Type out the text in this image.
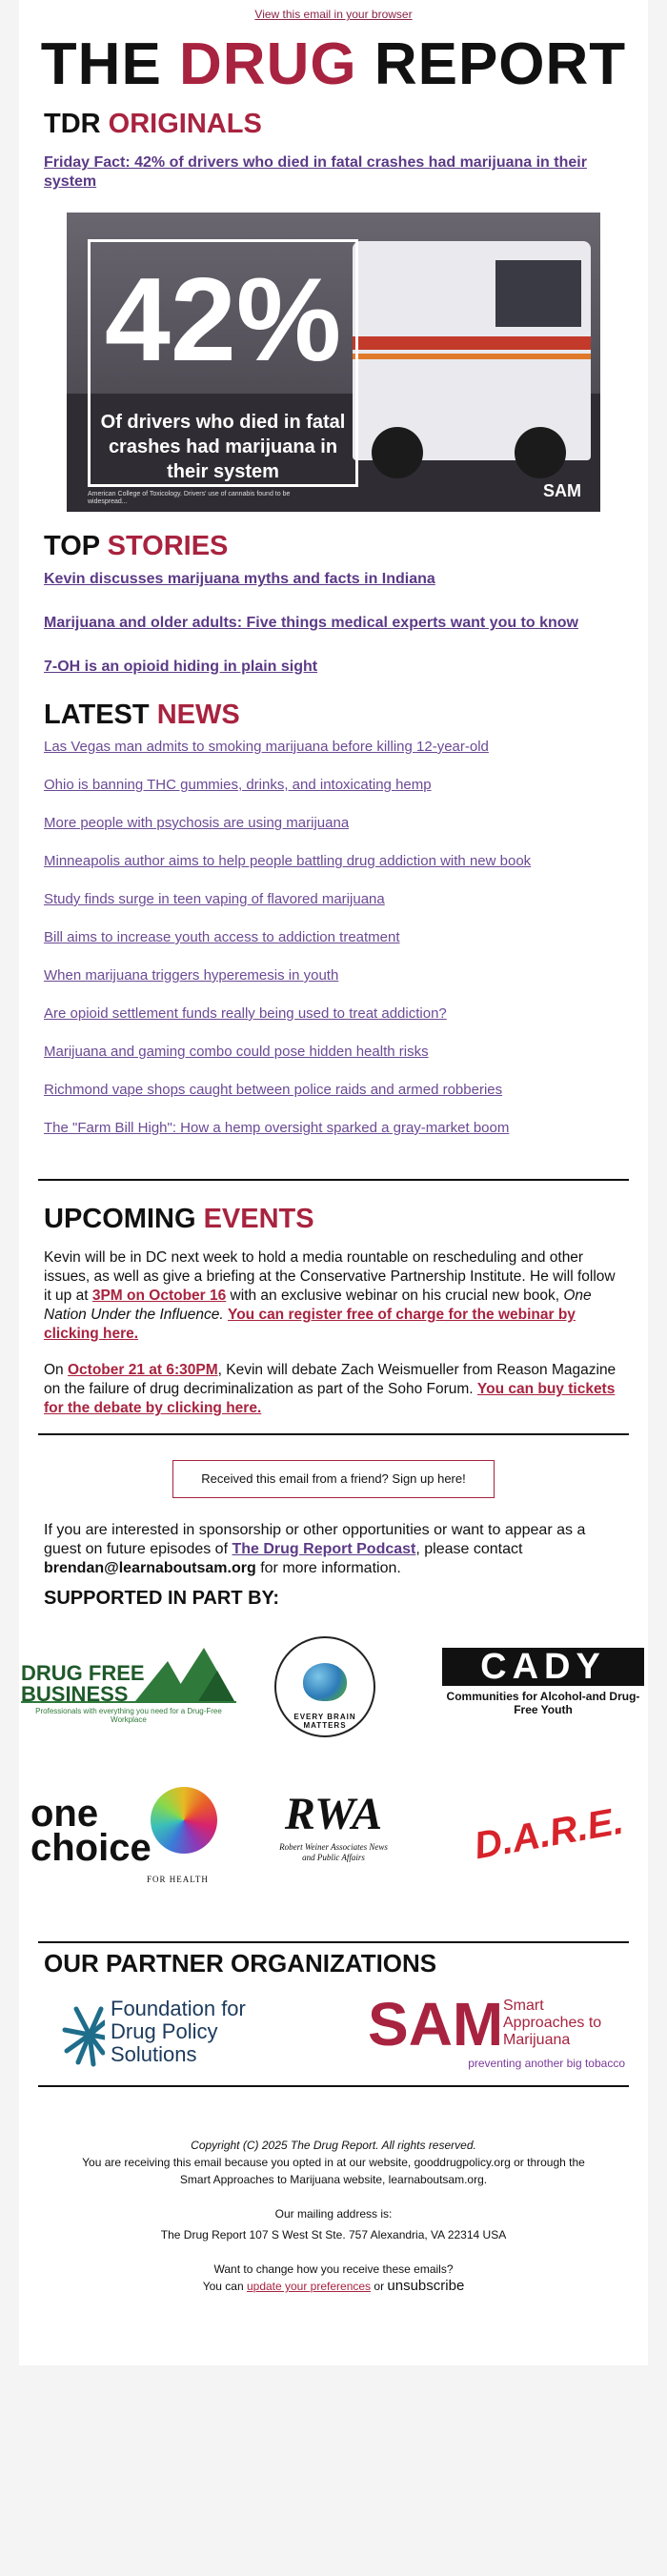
View this email in your browser
THE DRUG REPORT
TDR ORIGINALS
Friday Fact: 42% of drivers who died in fatal crashes had marijuana in their system
42%
Of drivers who died in fatal crashes had marijuana in their system
American College of Toxicology. Drivers' use of cannabis found to be widespread...
SAM
TOP STORIES
Kevin discusses marijuana myths and facts in Indiana
Marijuana and older adults: Five things medical experts want you to know
7-OH is an opioid hiding in plain sight
LATEST NEWS
Las Vegas man admits to smoking marijuana before killing 12-year-old
Ohio is banning THC gummies, drinks, and intoxicating hemp
More people with psychosis are using marijuana
Minneapolis author aims to help people battling drug addiction with new book
Study finds surge in teen vaping of flavored marijuana
Bill aims to increase youth access to addiction treatment
When marijuana triggers hyperemesis in youth
Are opioid settlement funds really being used to treat addiction?
Marijuana and gaming combo could pose hidden health risks
Richmond vape shops caught between police raids and armed robberies
The "Farm Bill High": How a hemp oversight sparked a gray-market boom
UPCOMING EVENTS

Kevin will be in DC next week to hold a media rountable on rescheduling and other issues, as well as give a briefing at the Conservative Partnership Institute. He will follow it up at 3PM on October 16 with an exclusive webinar on his crucial new book, One Nation Under the Influence. You can register free of charge for the webinar by clicking here.

On October 21 at 6:30PM, Kevin will debate Zach Weismueller from Reason Magazine on the failure of drug decriminalization as part of the Soho Forum. You can buy tickets for the debate by clicking here.

Received this email from a friend? Sign up here!

If you are interested in sponsorship or other opportunities or want to appear as a guest on future episodes of The Drug Report Podcast, please contact brendan@learnaboutsam.org for more information.

SUPPORTED IN PART BY:
DRUG FREE
BUSINESS
Professionals with everything you need for a Drug-Free Workplace	EVERY BRAIN MATTERS
CADY
Communities for Alcohol-and Drug-Free Youth
one
choice
FOR HEALTH
RWA
Robert Weiner Associates News and Public Affairs	D.A.R.E.
OUR PARTNER ORGANIZATIONS
Foundation for Drug Policy Solutions	SAM Smart Approaches to Marijuana
preventing another big tobacco
Copyright (C) 2025 The Drug Report. All rights reserved.
You are receiving this email because you opted in at our website, gooddrugpolicy.org or through the Smart Approaches to Marijuana website, learnaboutsam.org.
Our mailing address is:
The Drug Report 107 S West St Ste. 757 Alexandria, VA 22314 USA
Want to change how you receive these emails?
You can update your preferences or unsubscribe
